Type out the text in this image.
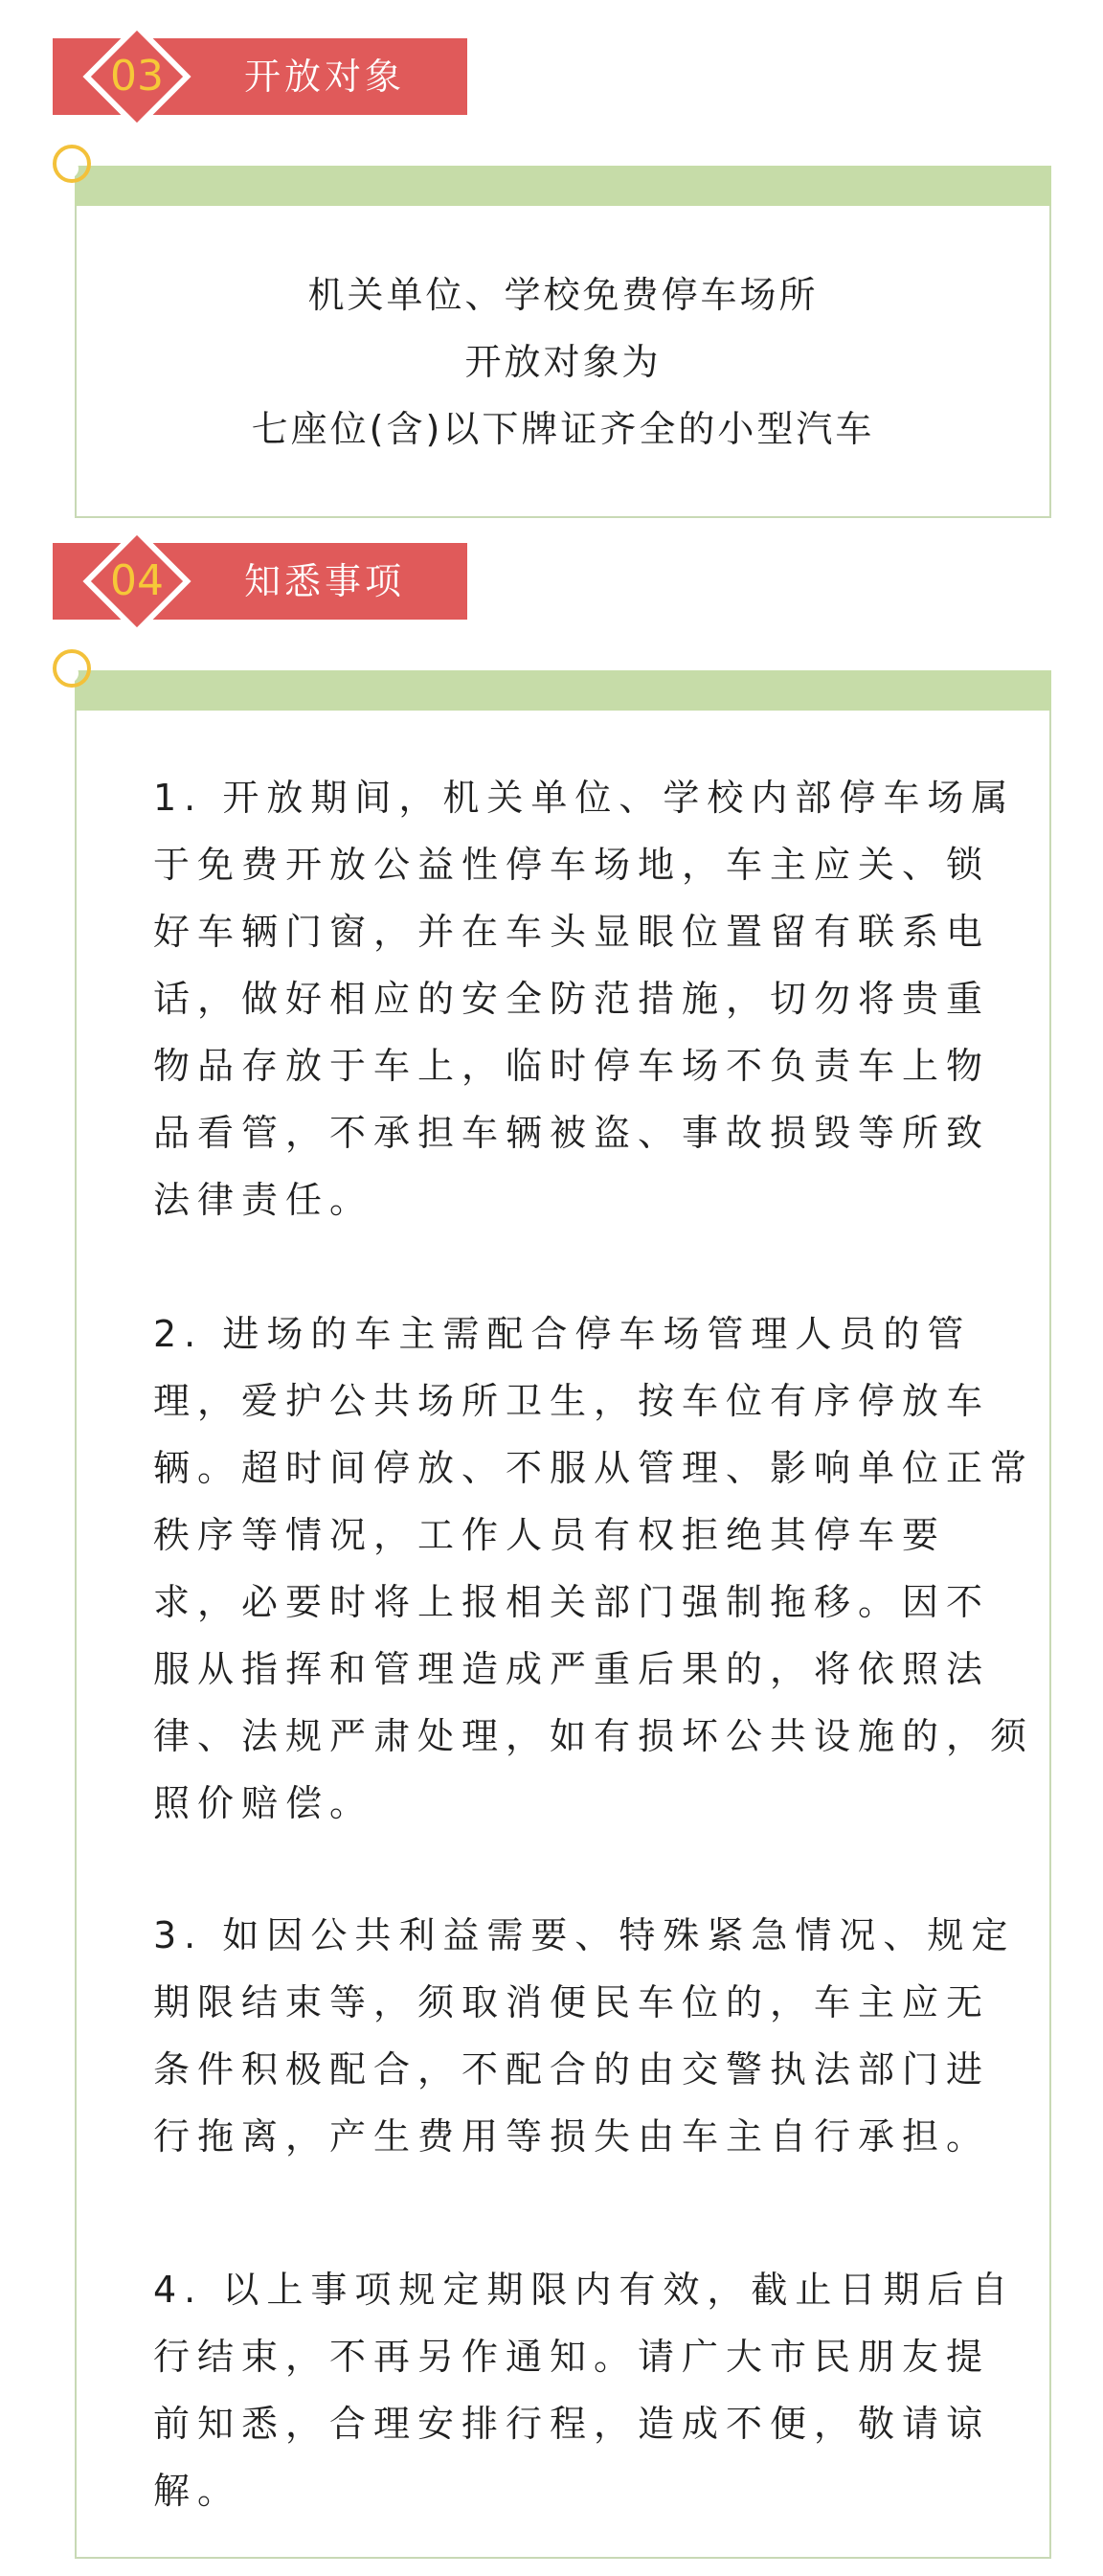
03	开放对象
机关单位、学校免费停车场所
开放对象为
七座位(含)以下牌证齐全的小型汽车
04	知悉事项
1. 开放期间，机关单位、学校内部停车场属
于免费开放公益性停车场地，车主应关、锁
好车辆门窗，并在车头显眼位置留有联系电
话，做好相应的安全防范措施，切勿将贵重
物品存放于车上，临时停车场不负责车上物
品看管，不承担车辆被盗、事故损毁等所致
法律责任。
2. 进场的车主需配合停车场管理人员的管
理，爱护公共场所卫生，按车位有序停放车
辆。超时间停放、不服从管理、影响单位正常
秩序等情况，工作人员有权拒绝其停车要
求，必要时将上报相关部门强制拖移。因不
服从指挥和管理造成严重后果的，将依照法
律、法规严肃处理，如有损坏公共设施的，须
照价赔偿。
3. 如因公共利益需要、特殊紧急情况、规定
期限结束等，须取消便民车位的，车主应无
条件积极配合，不配合的由交警执法部门进
行拖离，产生费用等损失由车主自行承担。
4. 以上事项规定期限内有效，截止日期后自
行结束，不再另作通知。请广大市民朋友提
前知悉，合理安排行程，造成不便，敬请谅
解。
